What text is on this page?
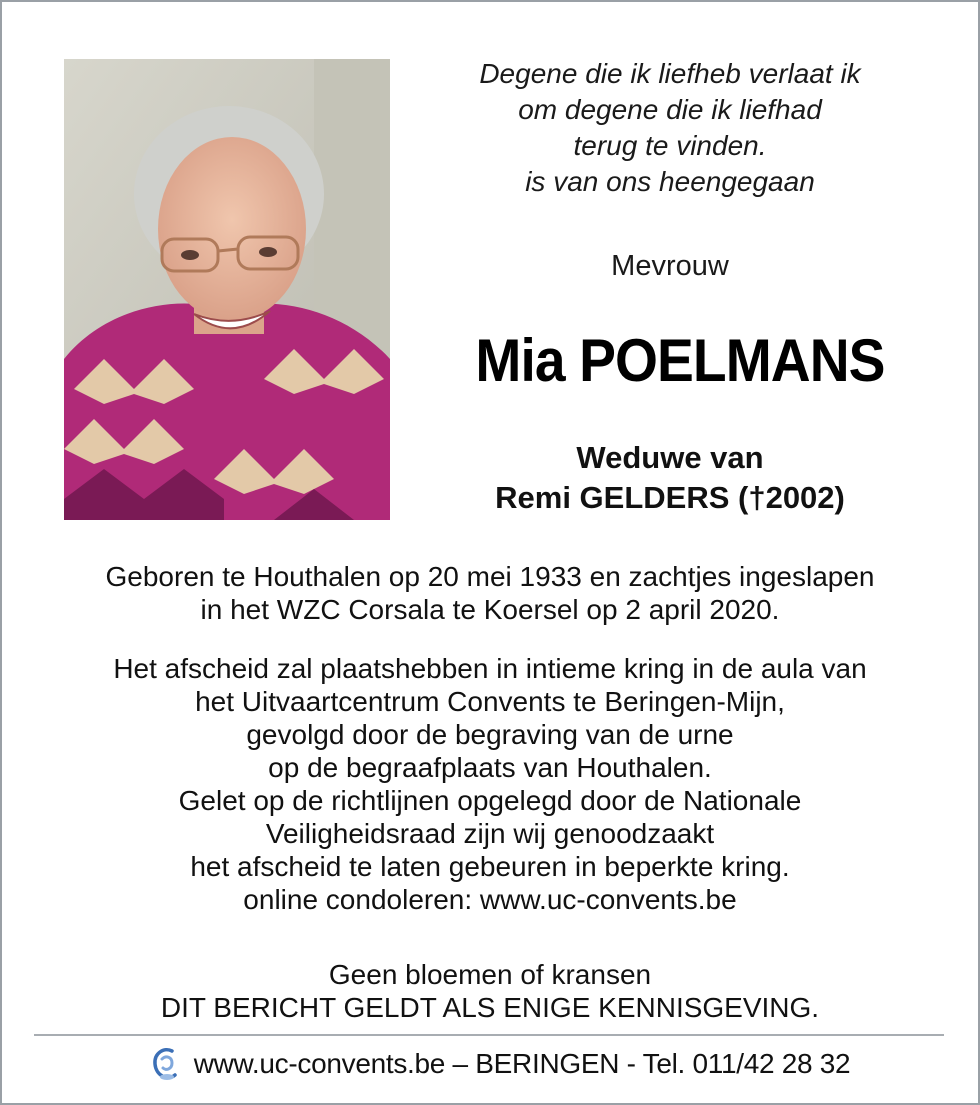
Degene die ik liefheb verlaat ik
om degene die ik liefhad
terug te vinden.
is van ons heengegaan
Mevrouw
Mia POELMANS
Weduwe van
Remi GELDERS (†2002)
Geboren te Houthalen op 20 mei 1933 en zachtjes ingeslapen
in het WZC Corsala te Koersel op 2 april 2020.
Het afscheid zal plaatshebben in intieme kring in de aula van
het Uitvaartcentrum Convents te Beringen-Mijn,
gevolgd door de begraving van de urne
op de begraafplaats van Houthalen.
Gelet op de richtlijnen opgelegd door de Nationale
Veiligheidsraad zijn wij genoodzaakt
het afscheid te laten gebeuren in beperkte kring.
online condoleren: www.uc-convents.be
Geen bloemen of kransen
DIT BERICHT GELDT ALS ENIGE KENNISGEVING.
www.uc-convents.be – BERINGEN - Tel. 011/42 28 32
